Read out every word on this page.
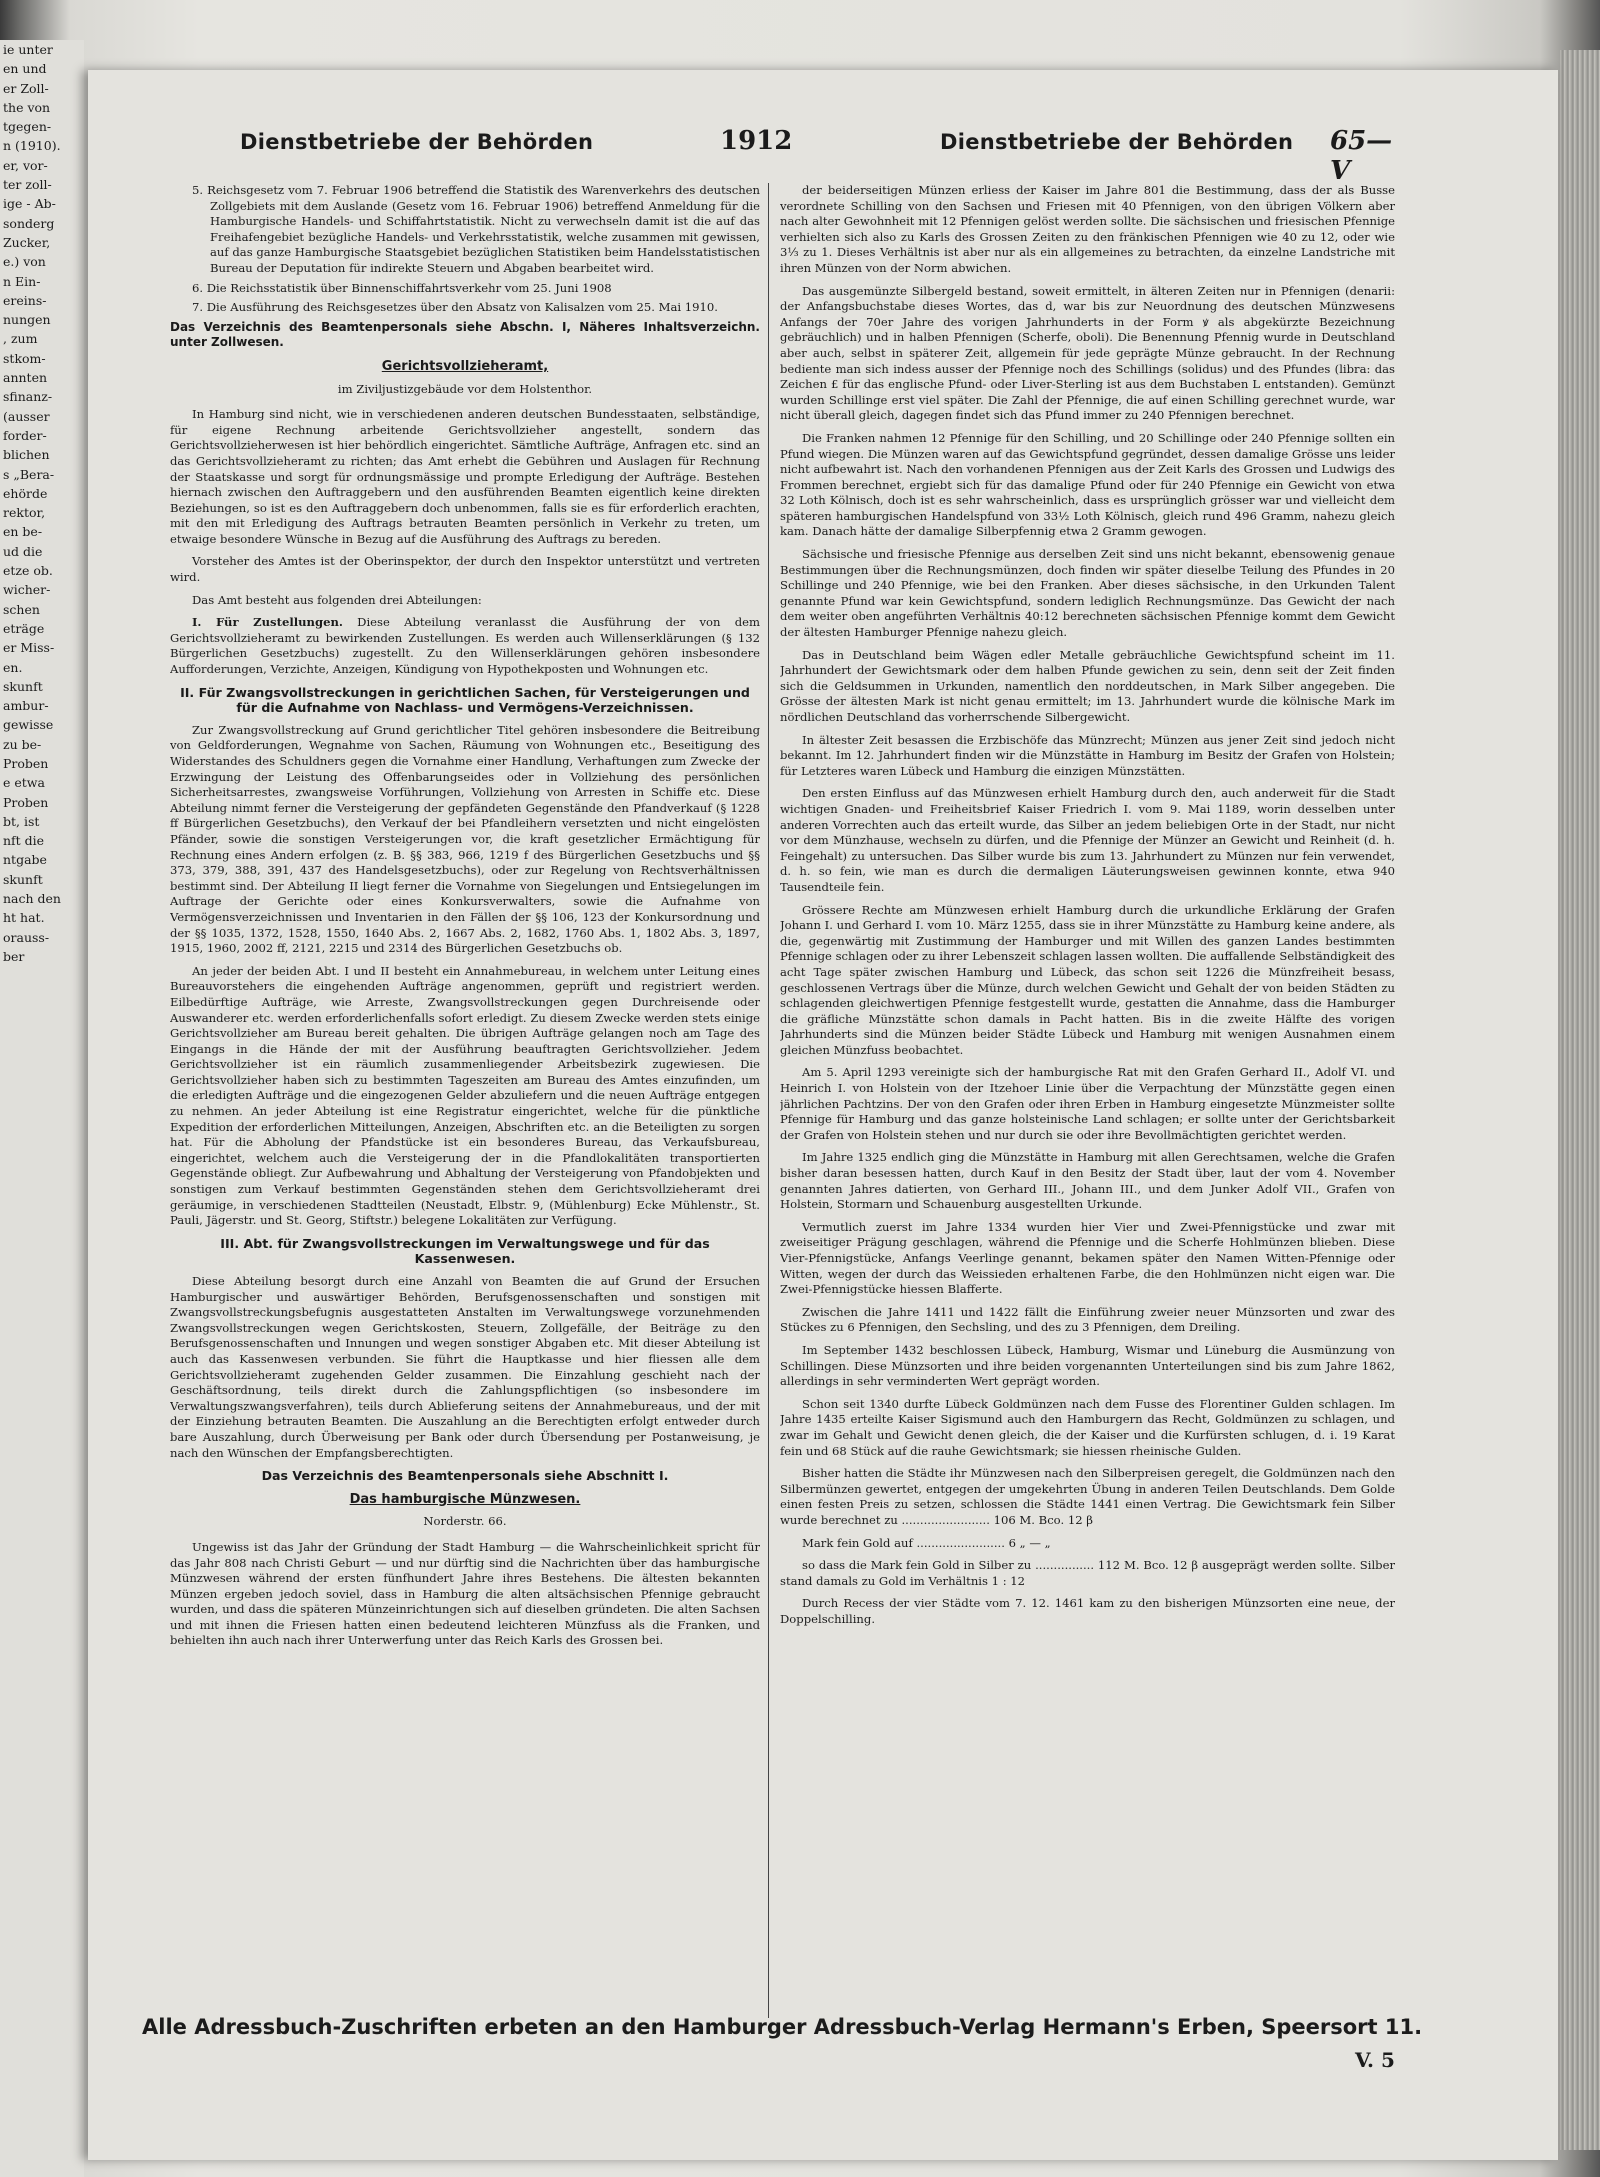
ie unter
en und
er Zoll-
the von
tgegen-
n (1910).
er, vor-
ter zoll-
ige - Ab-
sonderg
Zucker,
e.) von
n Ein-
ereins-
nungen
, zum
stkom-
annten
sfinanz-
(ausser
forder-
blichen
s „Bera-
ehörde
rektor,
en be-
ud die
etze ob.
wicher-
schen
eträge
er Miss-
en.
skunft
ambur-
gewisse
zu be-
Proben
e etwa
Proben
bt, ist
nft die
ntgabe
skunft
nach den
ht hat.
orauss-
ber
Dienstbetriebe der Behörden	1912	Dienstbetriebe der Behörden 65—V

5. Reichsgesetz vom 7. Februar 1906 betreffend die Statistik des Warenverkehrs des deutschen Zollgebiets mit dem Auslande (Gesetz vom 16. Februar 1906) betreffend Anmeldung für die Hamburgische Handels- und Schiffahrtstatistik. Nicht zu verwechseln damit ist die auf das Freihafengebiet bezügliche Handels- und Verkehrsstatistik, welche zusammen mit gewissen, auf das ganze Hamburgische Staatsgebiet bezüglichen Statistiken beim Handelsstatistischen Bureau der Deputation für indirekte Steuern und Abgaben bearbeitet wird.

6. Die Reichsstatistik über Binnenschiffahrtsverkehr vom 25. Juni 1908

7. Die Ausführung des Reichsgesetzes über den Absatz von Kalisalzen vom 25. Mai 1910.

Das Verzeichnis des Beamtenpersonals siehe Abschn. I, Näheres Inhaltsverzeichn. unter Zollwesen.

Gerichtsvollzieheramt,

im Ziviljustizgebäude vor dem Holstenthor.

In Hamburg sind nicht, wie in verschiedenen anderen deutschen Bundesstaaten, selbständige, für eigene Rechnung arbeitende Gerichtsvollzieher angestellt, sondern das Gerichtsvollzieherwesen ist hier behördlich eingerichtet. Sämtliche Aufträge, Anfragen etc. sind an das Gerichtsvollzieheramt zu richten; das Amt erhebt die Gebühren und Auslagen für Rechnung der Staatskasse und sorgt für ordnungsmässige und prompte Erledigung der Aufträge. Bestehen hiernach zwischen den Auftraggebern und den ausführenden Beamten eigentlich keine direkten Beziehungen, so ist es den Auftraggebern doch unbenommen, falls sie es für erforderlich erachten, mit den mit Erledigung des Auftrags betrauten Beamten persönlich in Verkehr zu treten, um etwaige besondere Wünsche in Bezug auf die Ausführung des Auftrags zu bereden.

Vorsteher des Amtes ist der Oberinspektor, der durch den Inspektor unterstützt und vertreten wird.

Das Amt besteht aus folgenden drei Abteilungen:

I. Für Zustellungen. Diese Abteilung veranlasst die Ausführung der von dem Gerichtsvollzieheramt zu bewirkenden Zustellungen. Es werden auch Willenserklärungen (§ 132 Bürgerlichen Gesetzbuchs) zugestellt. Zu den Willenserklärungen gehören insbesondere Aufforderungen, Verzichte, Anzeigen, Kündigung von Hypothekposten und Wohnungen etc.

II. Für Zwangsvollstreckungen in gerichtlichen Sachen, für Versteigerungen und für die Aufnahme von Nachlass- und Vermögens-Verzeichnissen.

Zur Zwangsvollstreckung auf Grund gerichtlicher Titel gehören insbesondere die Beitreibung von Geldforderungen, Wegnahme von Sachen, Räumung von Wohnungen etc., Beseitigung des Widerstandes des Schuldners gegen die Vornahme einer Handlung, Verhaftungen zum Zwecke der Erzwingung der Leistung des Offenbarungseides oder in Vollziehung des persönlichen Sicherheitsarrestes, zwangsweise Vorführungen, Vollziehung von Arresten in Schiffe etc. Diese Abteilung nimmt ferner die Versteigerung der gepfändeten Gegenstände den Pfandverkauf (§ 1228 ff Bürgerlichen Gesetzbuchs), den Verkauf der bei Pfandleihern versetzten und nicht eingelösten Pfänder, sowie die sonstigen Versteigerungen vor, die kraft gesetzlicher Ermächtigung für Rechnung eines Andern erfolgen (z. B. §§ 383, 966, 1219 f des Bürgerlichen Gesetzbuchs und §§ 373, 379, 388, 391, 437 des Handelsgesetzbuchs), oder zur Regelung von Rechtsverhältnissen bestimmt sind. Der Abteilung II liegt ferner die Vornahme von Siegelungen und Entsiegelungen im Auftrage der Gerichte oder eines Konkursverwalters, sowie die Aufnahme von Vermögensverzeichnissen und Inventarien in den Fällen der §§ 106, 123 der Konkursordnung und der §§ 1035, 1372, 1528, 1550, 1640 Abs. 2, 1667 Abs. 2, 1682, 1760 Abs. 1, 1802 Abs. 3, 1897, 1915, 1960, 2002 ff, 2121, 2215 und 2314 des Bürgerlichen Gesetzbuchs ob.

An jeder der beiden Abt. I und II besteht ein Annahmebureau, in welchem unter Leitung eines Bureauvorstehers die eingehenden Aufträge angenommen, geprüft und registriert werden. Eilbedürftige Aufträge, wie Arreste, Zwangsvollstreckungen gegen Durchreisende oder Auswanderer etc. werden erforderlichenfalls sofort erledigt. Zu diesem Zwecke werden stets einige Gerichtsvollzieher am Bureau bereit gehalten. Die übrigen Aufträge gelangen noch am Tage des Eingangs in die Hände der mit der Ausführung beauftragten Gerichtsvollzieher. Jedem Gerichtsvollzieher ist ein räumlich zusammenliegender Arbeitsbezirk zugewiesen. Die Gerichtsvollzieher haben sich zu bestimmten Tageszeiten am Bureau des Amtes einzufinden, um die erledigten Aufträge und die eingezogenen Gelder abzuliefern und die neuen Aufträge entgegen zu nehmen. An jeder Abteilung ist eine Registratur eingerichtet, welche für die pünktliche Expedition der erforderlichen Mitteilungen, Anzeigen, Abschriften etc. an die Beteiligten zu sorgen hat. Für die Abholung der Pfandstücke ist ein besonderes Bureau, das Verkaufsbureau, eingerichtet, welchem auch die Versteigerung der in die Pfandlokalitäten transportierten Gegenstände obliegt. Zur Aufbewahrung und Abhaltung der Versteigerung von Pfandobjekten und sonstigen zum Verkauf bestimmten Gegenständen stehen dem Gerichtsvollzieheramt drei geräumige, in verschiedenen Stadtteilen (Neustadt, Elbstr. 9, (Mühlenburg) Ecke Mühlenstr., St. Pauli, Jägerstr. und St. Georg, Stiftstr.) belegene Lokalitäten zur Verfügung.

III. Abt. für Zwangsvollstreckungen im Verwaltungswege und für das Kassenwesen.

Diese Abteilung besorgt durch eine Anzahl von Beamten die auf Grund der Ersuchen Hamburgischer und auswärtiger Behörden, Berufsgenossenschaften und sonstigen mit Zwangsvollstreckungsbefugnis ausgestatteten Anstalten im Verwaltungswege vorzunehmenden Zwangsvollstreckungen wegen Gerichtskosten, Steuern, Zollgefälle, der Beiträge zu den Berufsgenossenschaften und Innungen und wegen sonstiger Abgaben etc. Mit dieser Abteilung ist auch das Kassenwesen verbunden. Sie führt die Hauptkasse und hier fliessen alle dem Gerichtsvollzieheramt zugehenden Gelder zusammen. Die Einzahlung geschieht nach der Geschäftsordnung, teils direkt durch die Zahlungspflichtigen (so insbesondere im Verwaltungszwangsverfahren), teils durch Ablieferung seitens der Annahmebureaus, und der mit der Einziehung betrauten Beamten. Die Auszahlung an die Berechtigten erfolgt entweder durch bare Auszahlung, durch Überweisung per Bank oder durch Übersendung per Postanweisung, je nach den Wünschen der Empfangsberechtigten.

Das Verzeichnis des Beamtenpersonals siehe Abschnitt I.

Das hamburgische Münzwesen.

Norderstr. 66.

Ungewiss ist das Jahr der Gründung der Stadt Hamburg — die Wahrscheinlichkeit spricht für das Jahr 808 nach Christi Geburt — und nur dürftig sind die Nachrichten über das hamburgische Münzwesen während der ersten fünfhundert Jahre ihres Bestehens. Die ältesten bekannten Münzen ergeben jedoch soviel, dass in Hamburg die alten altsächsischen Pfennige gebraucht wurden, und dass die späteren Münzeinrichtungen sich auf dieselben gründeten. Die alten Sachsen und mit ihnen die Friesen hatten einen bedeutend leichteren Münzfuss als die Franken, und behielten ihn auch nach ihrer Unterwerfung unter das Reich Karls des Grossen bei.

der beiderseitigen Münzen erliess der Kaiser im Jahre 801 die Bestimmung, dass der als Busse verordnete Schilling von den Sachsen und Friesen mit 40 Pfennigen, von den übrigen Völkern aber nach alter Gewohnheit mit 12 Pfennigen gelöst werden sollte. Die sächsischen und friesischen Pfennige verhielten sich also zu Karls des Grossen Zeiten zu den fränkischen Pfennigen wie 40 zu 12, oder wie 3⅓ zu 1. Dieses Verhältnis ist aber nur als ein allgemeines zu betrachten, da einzelne Landstriche mit ihren Münzen von der Norm abwichen.

Das ausgemünzte Silbergeld bestand, soweit ermittelt, in älteren Zeiten nur in Pfennigen (denarii: der Anfangsbuchstabe dieses Wortes, das d, war bis zur Neuordnung des deutschen Münzwesens Anfangs der 70er Jahre des vorigen Jahrhunderts in der Form ꝟ als abgekürzte Bezeichnung gebräuchlich) und in halben Pfennigen (Scherfe, oboli). Die Benennung Pfennig wurde in Deutschland aber auch, selbst in späterer Zeit, allgemein für jede geprägte Münze gebraucht. In der Rechnung bediente man sich indess ausser der Pfennige noch des Schillings (solidus) und des Pfundes (libra: das Zeichen £ für das englische Pfund- oder Liver-Sterling ist aus dem Buchstaben L entstanden). Gemünzt wurden Schillinge erst viel später. Die Zahl der Pfennige, die auf einen Schilling gerechnet wurde, war nicht überall gleich, dagegen findet sich das Pfund immer zu 240 Pfennigen berechnet.

Die Franken nahmen 12 Pfennige für den Schilling, und 20 Schillinge oder 240 Pfennige sollten ein Pfund wiegen. Die Münzen waren auf das Gewichtspfund gegründet, dessen damalige Grösse uns leider nicht aufbewahrt ist. Nach den vorhandenen Pfennigen aus der Zeit Karls des Grossen und Ludwigs des Frommen berechnet, ergiebt sich für das damalige Pfund oder für 240 Pfennige ein Gewicht von etwa 32 Loth Kölnisch, doch ist es sehr wahrscheinlich, dass es ursprünglich grösser war und vielleicht dem späteren hamburgischen Handelspfund von 33½ Loth Kölnisch, gleich rund 496 Gramm, nahezu gleich kam. Danach hätte der damalige Silberpfennig etwa 2 Gramm gewogen.

Sächsische und friesische Pfennige aus derselben Zeit sind uns nicht bekannt, ebensowenig genaue Bestimmungen über die Rechnungsmünzen, doch finden wir später dieselbe Teilung des Pfundes in 20 Schillinge und 240 Pfennige, wie bei den Franken. Aber dieses sächsische, in den Urkunden Talent genannte Pfund war kein Gewichtspfund, sondern lediglich Rechnungsmünze. Das Gewicht der nach dem weiter oben angeführten Verhältnis 40:12 berechneten sächsischen Pfennige kommt dem Gewicht der ältesten Hamburger Pfennige nahezu gleich.

Das in Deutschland beim Wägen edler Metalle gebräuchliche Gewichtspfund scheint im 11. Jahrhundert der Gewichtsmark oder dem halben Pfunde gewichen zu sein, denn seit der Zeit finden sich die Geldsummen in Urkunden, namentlich den norddeutschen, in Mark Silber angegeben. Die Grösse der ältesten Mark ist nicht genau ermittelt; im 13. Jahrhundert wurde die kölnische Mark im nördlichen Deutschland das vorherrschende Silbergewicht.

In ältester Zeit besassen die Erzbischöfe das Münzrecht; Münzen aus jener Zeit sind jedoch nicht bekannt. Im 12. Jahrhundert finden wir die Münzstätte in Hamburg im Besitz der Grafen von Holstein; für Letzteres waren Lübeck und Hamburg die einzigen Münzstätten.

Den ersten Einfluss auf das Münzwesen erhielt Hamburg durch den, auch anderweit für die Stadt wichtigen Gnaden- und Freiheitsbrief Kaiser Friedrich I. vom 9. Mai 1189, worin desselben unter anderen Vorrechten auch das erteilt wurde, das Silber an jedem beliebigen Orte in der Stadt, nur nicht vor dem Münzhause, wechseln zu dürfen, und die Pfennige der Münzer an Gewicht und Reinheit (d. h. Feingehalt) zu untersuchen. Das Silber wurde bis zum 13. Jahrhundert zu Münzen nur fein verwendet, d. h. so fein, wie man es durch die dermaligen Läuterungsweisen gewinnen konnte, etwa 940 Tausendteile fein.

Grössere Rechte am Münzwesen erhielt Hamburg durch die urkundliche Erklärung der Grafen Johann I. und Gerhard I. vom 10. März 1255, dass sie in ihrer Münzstätte zu Hamburg keine andere, als die, gegenwärtig mit Zustimmung der Hamburger und mit Willen des ganzen Landes bestimmten Pfennige schlagen oder zu ihrer Lebenszeit schlagen lassen wollten. Die auffallende Selbständigkeit des acht Tage später zwischen Hamburg und Lübeck, das schon seit 1226 die Münzfreiheit besass, geschlossenen Vertrags über die Münze, durch welchen Gewicht und Gehalt der von beiden Städten zu schlagenden gleichwertigen Pfennige festgestellt wurde, gestatten die Annahme, dass die Hamburger die gräfliche Münzstätte schon damals in Pacht hatten. Bis in die zweite Hälfte des vorigen Jahrhunderts sind die Münzen beider Städte Lübeck und Hamburg mit wenigen Ausnahmen einem gleichen Münzfuss beobachtet.

Am 5. April 1293 vereinigte sich der hamburgische Rat mit den Grafen Gerhard II., Adolf VI. und Heinrich I. von Holstein von der Itzehoer Linie über die Verpachtung der Münzstätte gegen einen jährlichen Pachtzins. Der von den Grafen oder ihren Erben in Hamburg eingesetzte Münzmeister sollte Pfennige für Hamburg und das ganze holsteinische Land schlagen; er sollte unter der Gerichtsbarkeit der Grafen von Holstein stehen und nur durch sie oder ihre Bevollmächtigten gerichtet werden.

Im Jahre 1325 endlich ging die Münzstätte in Hamburg mit allen Gerechtsamen, welche die Grafen bisher daran besessen hatten, durch Kauf in den Besitz der Stadt über, laut der vom 4. November genannten Jahres datierten, von Gerhard III., Johann III., und dem Junker Adolf VII., Grafen von Holstein, Stormarn und Schauenburg ausgestellten Urkunde.

Vermutlich zuerst im Jahre 1334 wurden hier Vier und Zwei-Pfennigstücke und zwar mit zweiseitiger Prägung geschlagen, während die Pfennige und die Scherfe Hohlmünzen blieben. Diese Vier-Pfennigstücke, Anfangs Veerlinge genannt, bekamen später den Namen Witten-Pfennige oder Witten, wegen der durch das Weissieden erhaltenen Farbe, die den Hohlmünzen nicht eigen war. Die Zwei-Pfennigstücke hiessen Blafferte.

Zwischen die Jahre 1411 und 1422 fällt die Einführung zweier neuer Münzsorten und zwar des Stückes zu 6 Pfennigen, den Sechsling, und des zu 3 Pfennigen, dem Dreiling.

Im September 1432 beschlossen Lübeck, Hamburg, Wismar und Lüneburg die Ausmünzung von Schillingen. Diese Münzsorten und ihre beiden vorgenannten Unterteilungen sind bis zum Jahre 1862, allerdings in sehr verminderten Wert geprägt worden.

Schon seit 1340 durfte Lübeck Goldmünzen nach dem Fusse des Florentiner Gulden schlagen. Im Jahre 1435 erteilte Kaiser Sigismund auch den Hamburgern das Recht, Goldmünzen zu schlagen, und zwar im Gehalt und Gewicht denen gleich, die der Kaiser und die Kurfürsten schlugen, d. i. 19 Karat fein und 68 Stück auf die rauhe Gewichtsmark; sie hiessen rheinische Gulden.

Bisher hatten die Städte ihr Münzwesen nach den Silberpreisen geregelt, die Goldmünzen nach den Silbermünzen gewertet, entgegen der umgekehrten Übung in anderen Teilen Deutschlands. Dem Golde einen festen Preis zu setzen, schlossen die Städte 1441 einen Vertrag. Die Gewichtsmark fein Silber wurde berechnet zu ........................ 106 M. Bco. 12 β

Mark fein Gold auf ........................ 6 „ — „

so dass die Mark fein Gold in Silber zu ................ 112 M. Bco. 12 β ausgeprägt werden sollte. Silber stand damals zu Gold im Verhältnis 1 : 12

Durch Recess der vier Städte vom 7. 12. 1461 kam zu den bisherigen Münzsorten eine neue, der Doppelschilling.

Alle Adressbuch-Zuschriften erbeten an den Hamburger Adressbuch-Verlag Hermann's Erben, Speersort 11.
V. 5
